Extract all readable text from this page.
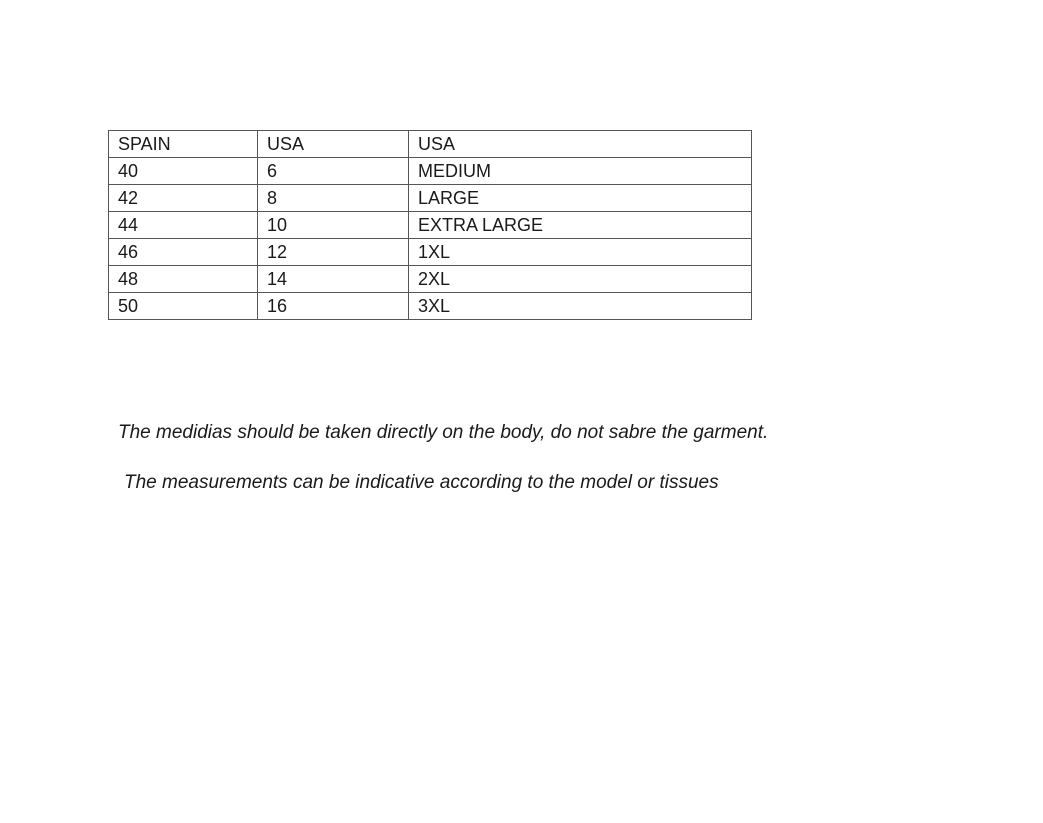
SPAIN	USA	USA
40	6	MEDIUM
42	8	LARGE
44	10	EXTRA LARGE
46	12	1XL
48	14	2XL
50	16	3XL
The medidias should be taken directly on the body, do not sabre the garment.
The measurements can be indicative according to the model or tissues
